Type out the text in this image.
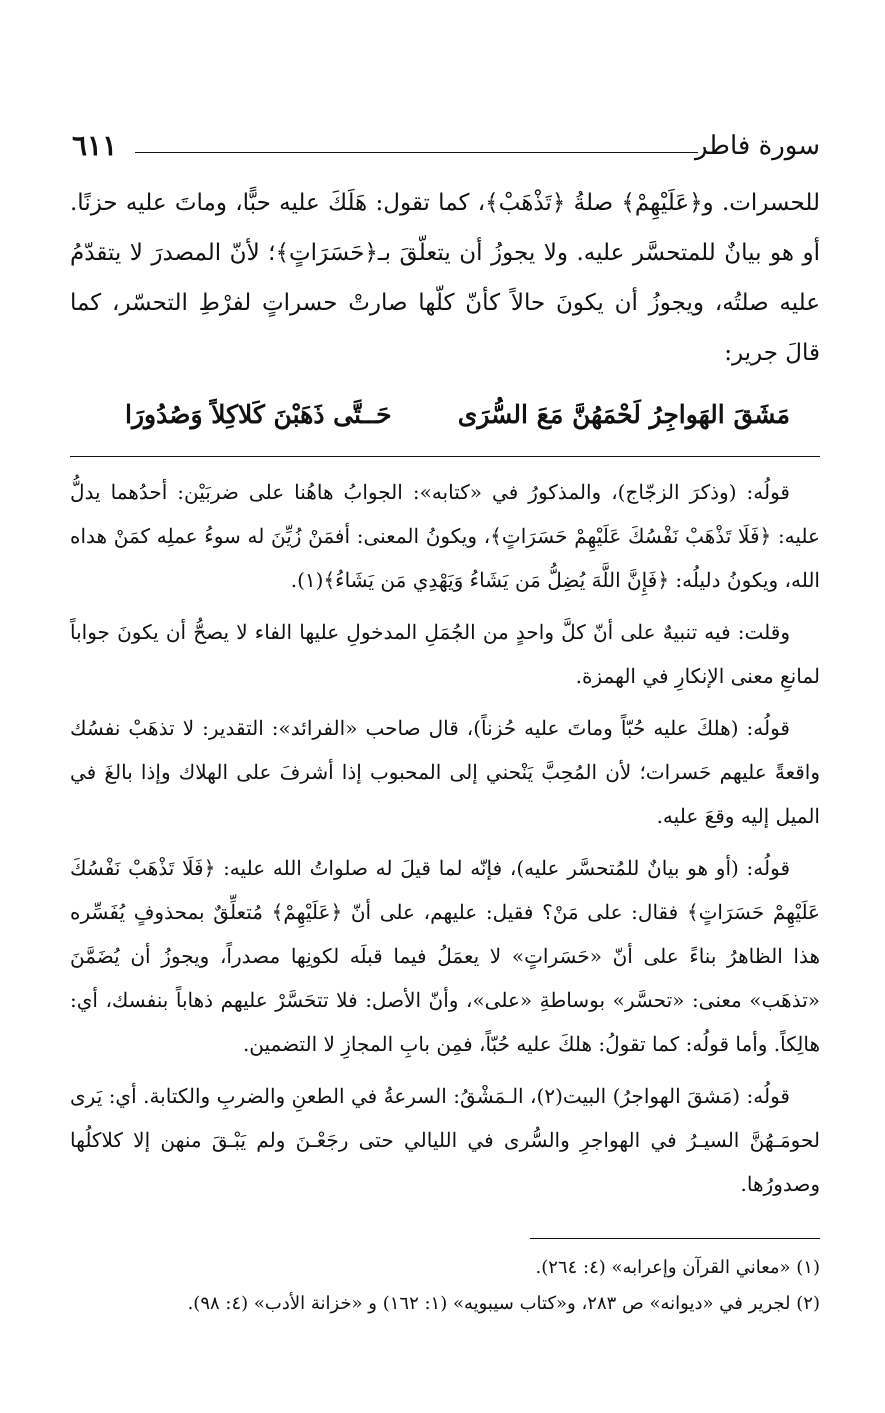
سورة فاطر
٦١١

للحسرات. و﴿عَلَيْهِمْ﴾ صلةُ ﴿تَذْهَبْ﴾، كما تقول: هَلَكَ عليه حبًّا، وماتَ عليه حزنًا. أو هو بيانٌ للمتحسَّر عليه. ولا يجوزُ أن يتعلّقَ بـ﴿حَسَرَاتٍ﴾؛ لأنّ المصدرَ لا يتقدّمُ عليه صلتُه، ويجوزُ أن يكونَ حالاً كأنّ كلّها صارتْ حسراتٍ لفرْطِ التحسّر، كما قالَ جرير:

مَشَقَ الهَواجِرُ لَحْمَهُنَّ مَعَ السُّرَى
حَــتَّى ذَهَبْنَ كَلاكِلاً وَصُدُورَا

قولُه: (وذكرَ الزجّاج)، والمذكورُ في «كتابه»: الجوابُ هاهُنا على ضربَيْن: أحدُهما يدلُّ عليه: ﴿فَلَا تَذْهَبْ نَفْسُكَ عَلَيْهِمْ حَسَرَاتٍ﴾، ويكونُ المعنى: أفمَنْ زُيِّنَ له سوءُ عملِه كمَنْ هداه الله، ويكونُ دليلُه: ﴿فَإِنَّ اللَّهَ يُضِلُّ مَن يَشَاءُ وَيَهْدِي مَن يَشَاءُ﴾(١).

وقلت: فيه تنبيهٌ على أنّ كلَّ واحدٍ من الجُمَلِ المدخولِ عليها الفاء لا يصحُّ أن يكونَ جواباً لمانعِ معنى الإنكارِ في الهمزة.

قولُه: (هلكَ عليه حُبّاً وماتَ عليه حُزناً)، قال صاحب «الفرائد»: التقدير: لا تذهَبْ نفسُك واقعةً عليهم حَسرات؛ لأن المُحِبَّ يَنْحني إلى المحبوب إذا أشرفَ على الهلاك وإذا بالغَ في الميل إليه وقعَ عليه.

قولُه: (أو هو بيانٌ للمُتحسَّر عليه)، فإنّه لما قيلَ له صلواتُ الله عليه: ﴿فَلَا تَذْهَبْ نَفْسُكَ عَلَيْهِمْ حَسَرَاتٍ﴾ فقال: على مَنْ؟ فقيل: عليهم، على أنّ ﴿عَلَيْهِمْ﴾ مُتعلِّقٌ بمحذوفٍ يُفَسِّره هذا الظاهرُ بناءً على أنّ «حَسَراتٍ» لا يعمَلُ فيما قبلَه لكونِها مصدراً، ويجوزُ أن يُضَمَّنَ «تذهَب» معنى: «تحسَّر» بوساطةِ «على»، وأنّ الأصل: فلا تتحَسَّرْ عليهم ذهاباً بنفسك، أي: هالِكاً. وأما قولُه: كما تقولُ: هلكَ عليه حُبّاً، فمِن بابِ المجازِ لا التضمين.

قولُه: (مَشقَ الهواجرُ) البيت(٢)، الـمَشْقُ: السرعةُ في الطعنِ والضربِ والكتابة. أي: يَرى لحومَـهُنَّ السيـرُ في الهواجرِ والسُّرى في الليالي حتى رجَعْـنَ ولم يَبْـقَ منهن إلا كلاكلُها وصدورُها.

(١) «معاني القرآن وإعرابه» (٤: ٢٦٤).

(٢) لجرير في «ديوانه» ص ٢٨٣، و«كتاب سيبويه» (١: ١٦٢) و «خزانة الأدب» (٤: ٩٨).
